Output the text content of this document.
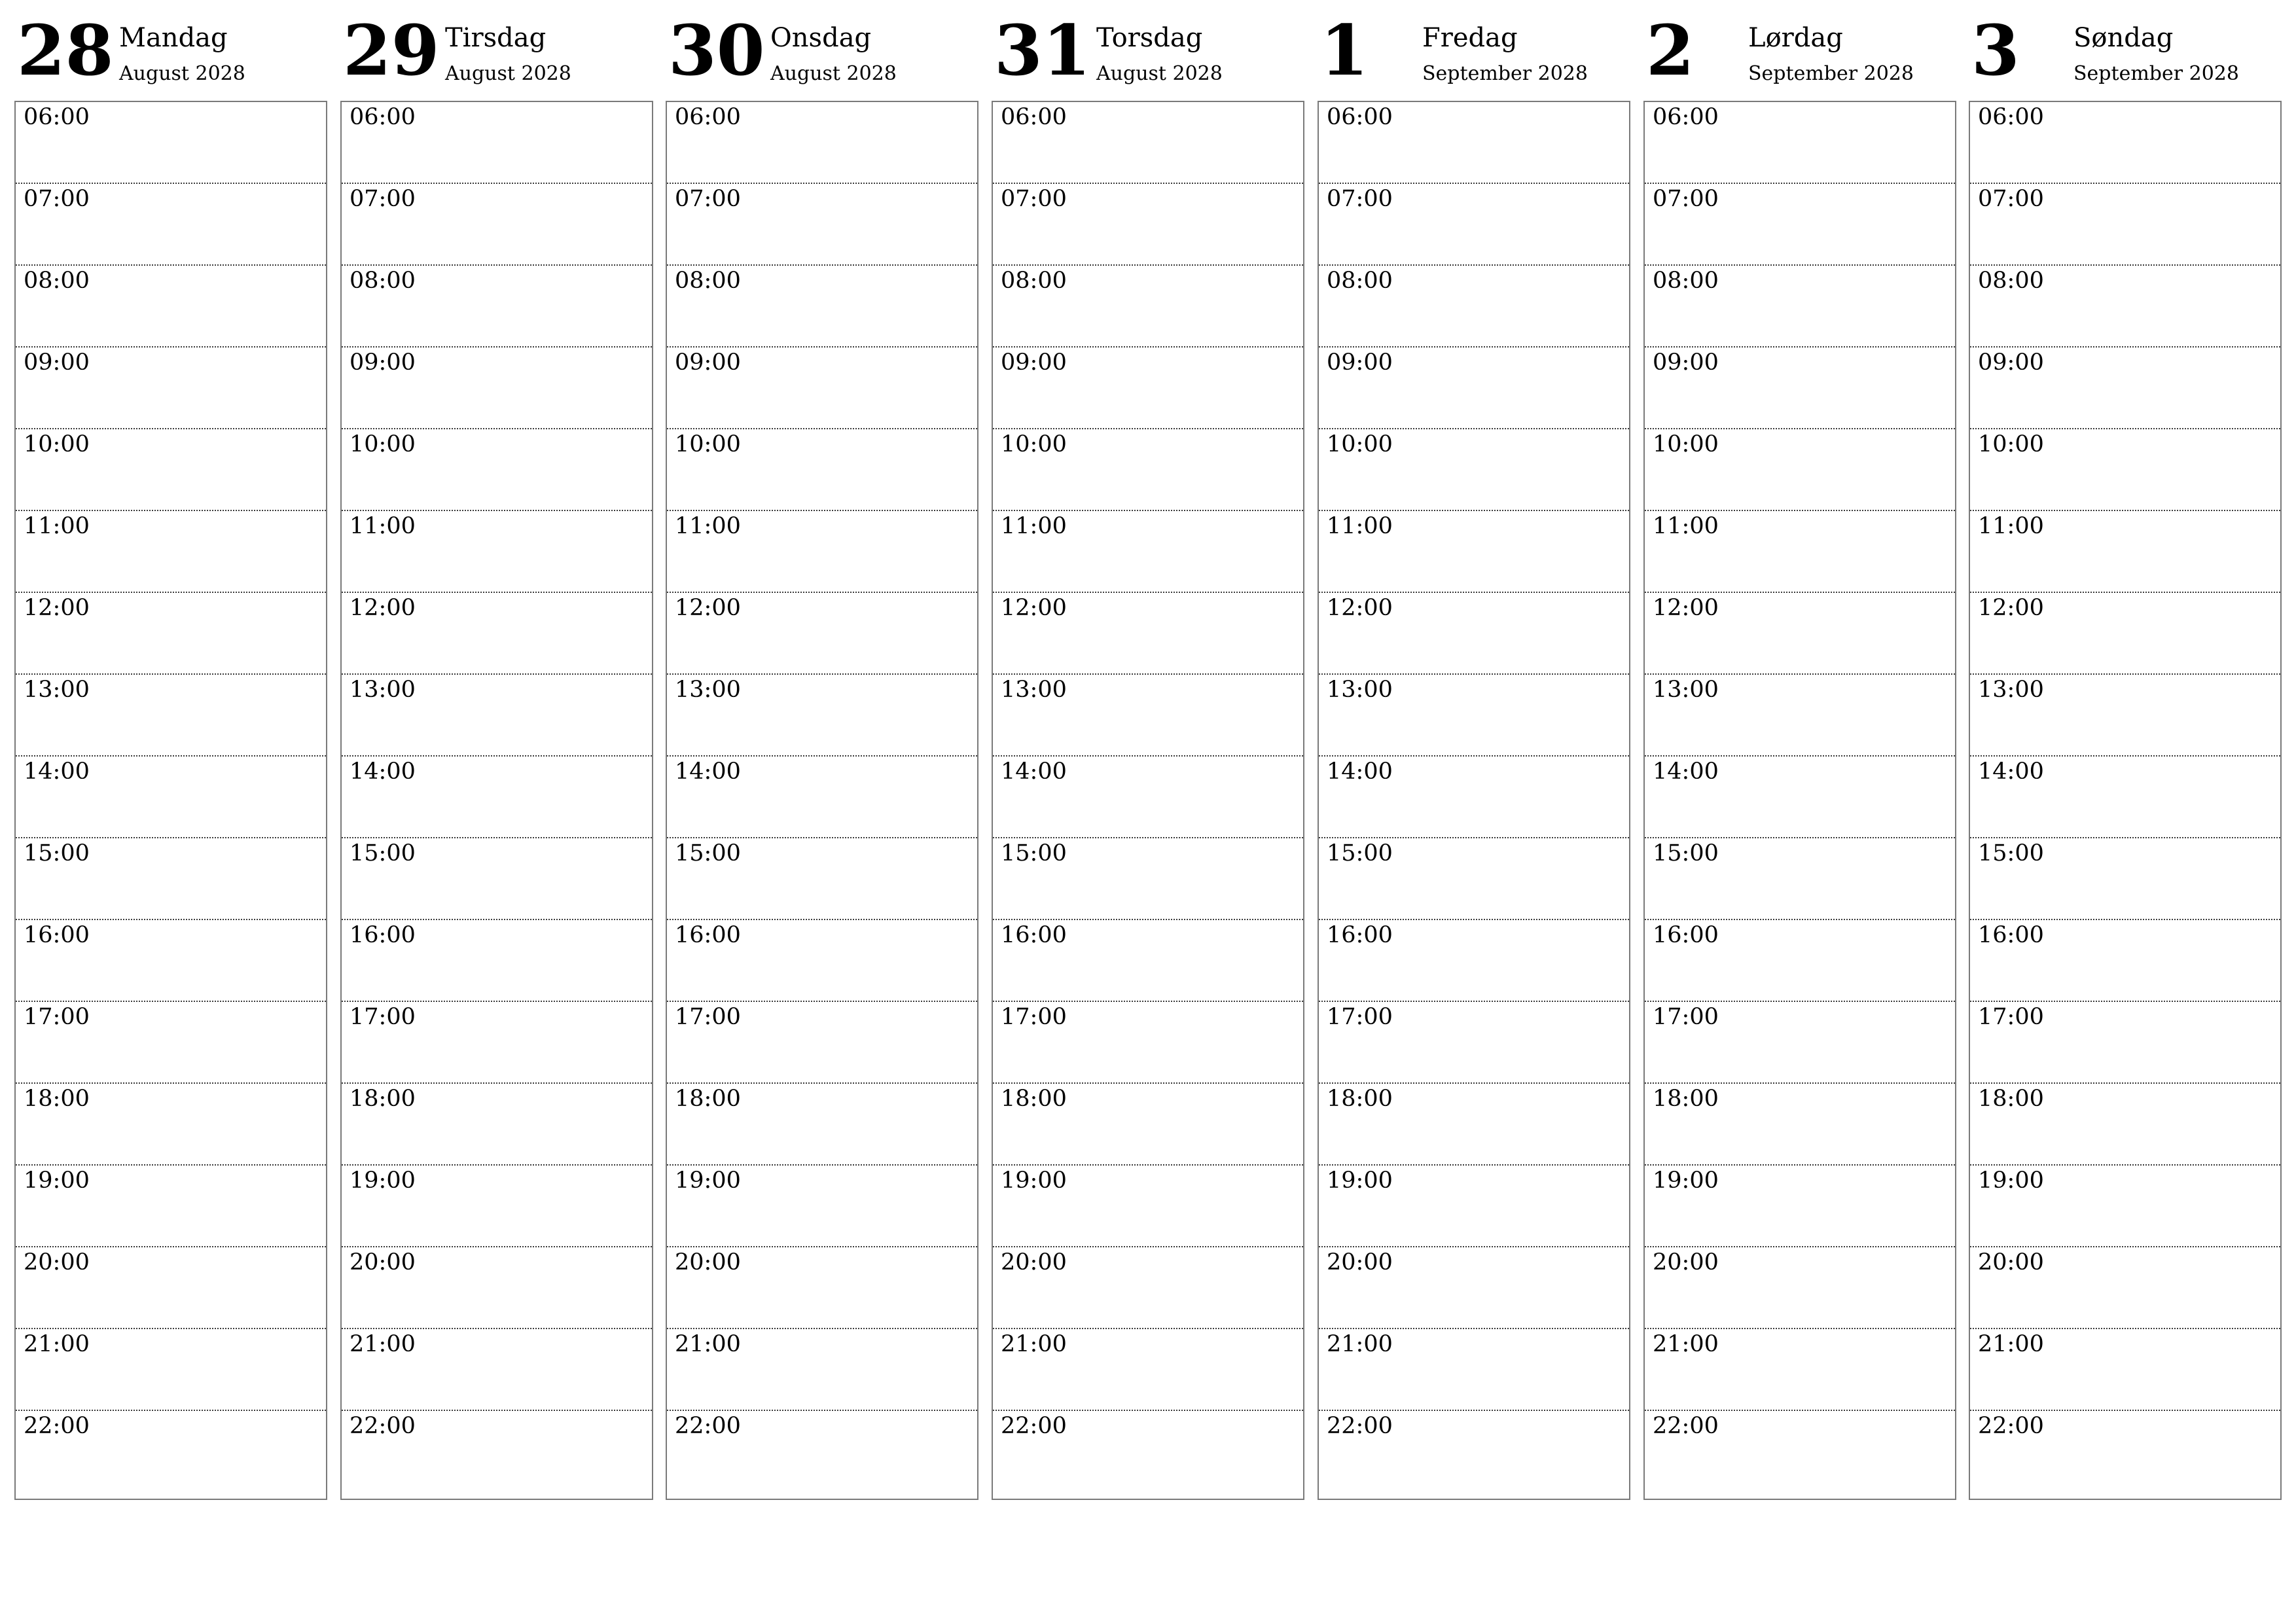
28 Mandag
August 2028
06:00
07:00
08:00
09:00
10:00
11:00
12:00
13:00
14:00
15:00
16:00
17:00
18:00
19:00
20:00
21:00
22:00
29 Tirsdag
August 2028
06:00
07:00
08:00
09:00
10:00
11:00
12:00
13:00
14:00
15:00
16:00
17:00
18:00
19:00
20:00
21:00
22:00
30 Onsdag
August 2028
06:00
07:00
08:00
09:00
10:00
11:00
12:00
13:00
14:00
15:00
16:00
17:00
18:00
19:00
20:00
21:00
22:00
31 Torsdag
August 2028
06:00
07:00
08:00
09:00
10:00
11:00
12:00
13:00
14:00
15:00
16:00
17:00
18:00
19:00
20:00
21:00
22:00
1 Fredag
September 2028
06:00
07:00
08:00
09:00
10:00
11:00
12:00
13:00
14:00
15:00
16:00
17:00
18:00
19:00
20:00
21:00
22:00
2 Lørdag
September 2028
06:00
07:00
08:00
09:00
10:00
11:00
12:00
13:00
14:00
15:00
16:00
17:00
18:00
19:00
20:00
21:00
22:00
3 Søndag
September 2028
06:00
07:00
08:00
09:00
10:00
11:00
12:00
13:00
14:00
15:00
16:00
17:00
18:00
19:00
20:00
21:00
22:00
